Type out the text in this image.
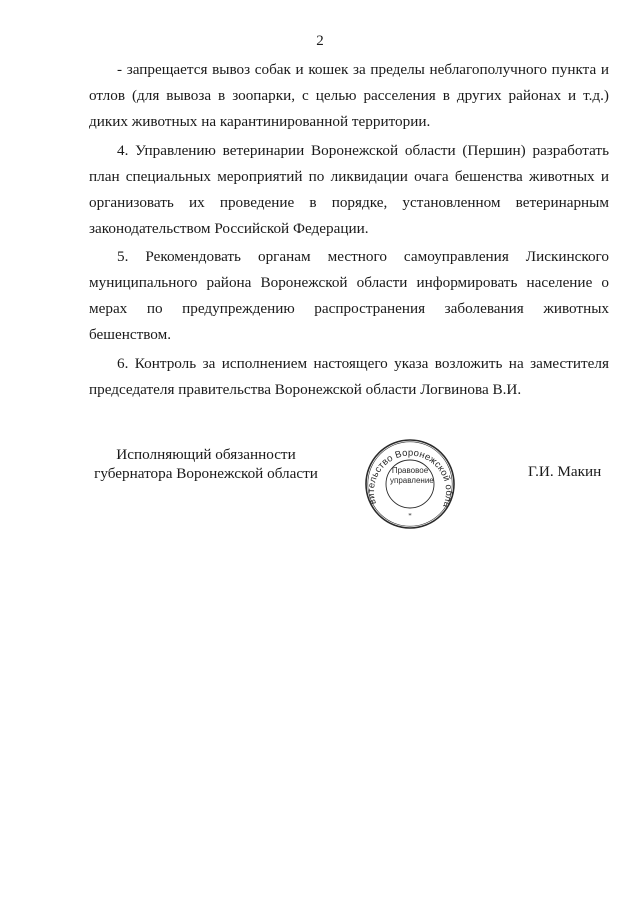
2

- запрещается вывоз собак и кошек за пределы неблагополучного пункта и отлов (для вывоза в зоопарки, с целью расселения в других районах и т.д.) диких животных на карантинированной территории.

4. Управлению ветеринарии Воронежской области (Першин) разработать план специальных мероприятий по ликвидации очага бешенства животных и организовать их проведение в порядке, установленном ветеринарным законодательством Российской Федерации.

5. Рекомендовать органам местного самоуправления Лискинского муниципального района Воронежской области информировать население о мерах по предупреждению распространения заболевания животных бешенством.

6. Контроль за исполнением настоящего указа возложить на заместителя председателя правительства Воронежской области Логвинова В.И.

Исполняющий обязанности
губернатора Воронежской области
вительство Воронежской обла
Правовое
управление
*
Г.И. Макин
